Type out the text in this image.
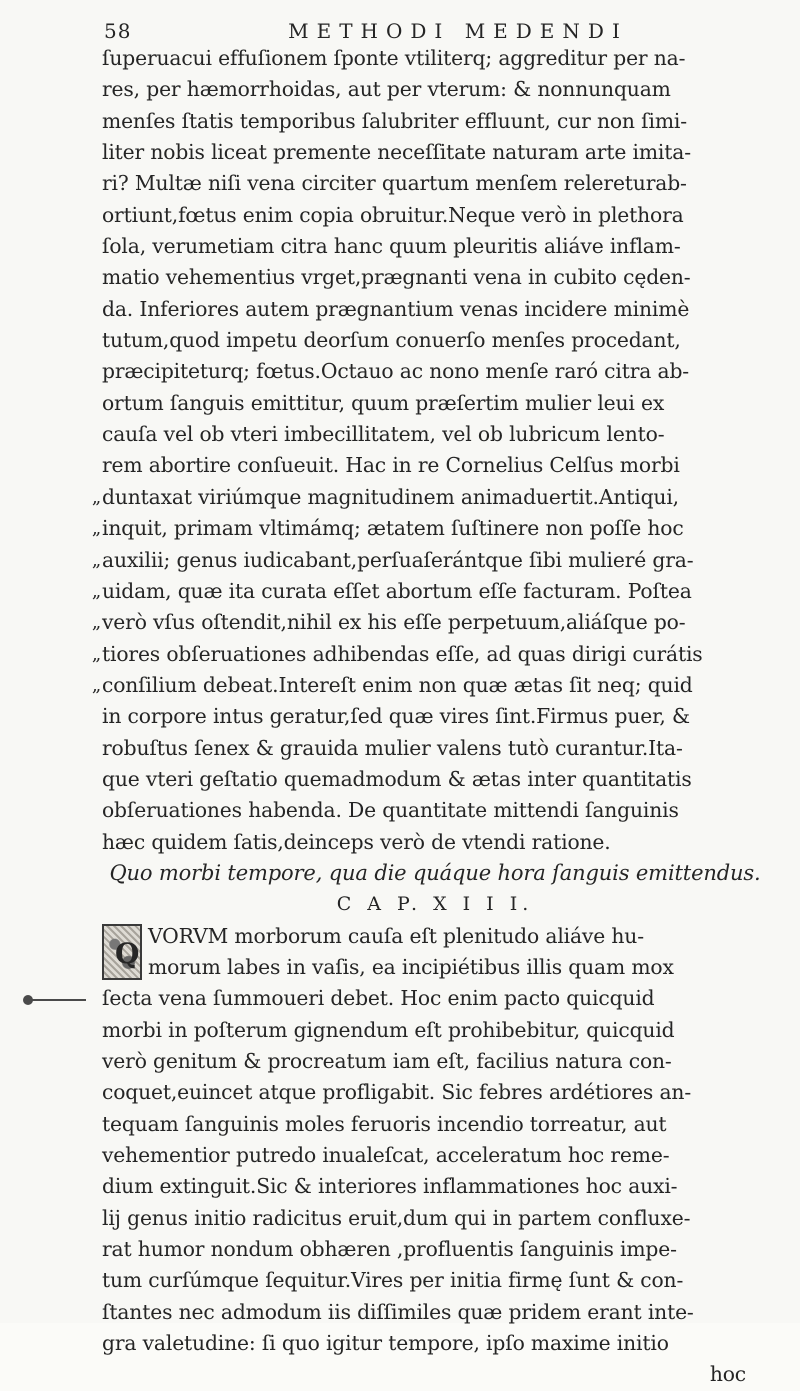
58	METHODI MEDENDI
ſuperuacui effuſionem ſponte vtiliterq; aggreditur per na-
res, per hæmorrhoidas, aut per vterum: & nonnunquam
menſes ſtatis temporibus ſalubriter effluunt, cur non ſimi-
liter nobis liceat premente neceſſitate naturam arte imita-
ri? Multæ niſi vena circiter quartum menſem relereturab-
ortiunt,fœtus enim copia obruitur.Neque verò in plethora
ſola, verumetiam citra hanc quum pleuritis aliáve inflam-
matio vehementius vrget,prægnanti vena in cubito cęden-
da. Inferiores autem prægnantium venas incidere minimè
tutum,quod impetu deorſum conuerſo menſes procedant,
præcipiteturq; fœtus.Octauo ac nono menſe raró citra ab-
ortum ſanguis emittitur, quum præſertim mulier leui ex
cauſa vel ob vteri imbecillitatem, vel ob lubricum lento-
rem abortire conſueuit. Hac in re Cornelius Celſus morbi
„ duntaxat viriúmque magnitudinem animaduertit.Antiqui,
„ inquit, primam vltimámq; ætatem ſuſtinere non poſſe hoc
„ auxilii; genus iudicabant,perſuaſerántque ſibi mulieré gra-
„ uidam, quæ ita curata eſſet abortum eſſe facturam. Poſtea
„ verò vſus oſtendit,nihil ex his eſſe perpetuum,aliáſque po-
„ tiores obſeruationes adhibendas eſſe, ad quas dirigi curátis
„ conſilium debeat.Intereſt enim non quæ ætas ſit neq; quid
in corpore intus geratur,ſed quæ vires ſint.Firmus puer, &
robuſtus ſenex & grauida mulier valens tutò curantur.Ita-
que vteri geſtatio quemadmodum & ætas inter quantitatis
obſeruationes habenda. De quantitate mittendi ſanguinis
hæc quidem ſatis,deinceps verò de vtendi ratione.
Quo morbi tempore, qua die quáque hora ſanguis emittendus.
C A P. X I I I.
Q
VORVM morborum cauſa eſt plenitudo aliáve hu-
morum labes in vaſis, ea incipiétibus illis quam mox
ſecta vena ſummoueri debet. Hoc enim pacto quicquid
morbi in poſterum gignendum eſt prohibebitur, quicquid
verò genitum & procreatum iam eſt, facilius natura con-
coquet,euincet atque profligabit. Sic febres ardétiores an-
tequam ſanguinis moles feruoris incendio torreatur, aut
vehementior putredo inualeſcat, acceleratum hoc reme-
dium extinguit.Sic & interiores inflammationes hoc auxi-
lij genus initio radicitus eruit,dum qui in partem confluxe-
rat humor nondum obhæren ,profluentis ſanguinis impe-
tum curſúmque ſequitur.Vires per initia firmę ſunt & con-
ſtantes nec admodum iis diſſimiles quæ pridem erant inte-
gra valetudine: ſi quo igitur tempore, ipſo maxime initio
hoc
